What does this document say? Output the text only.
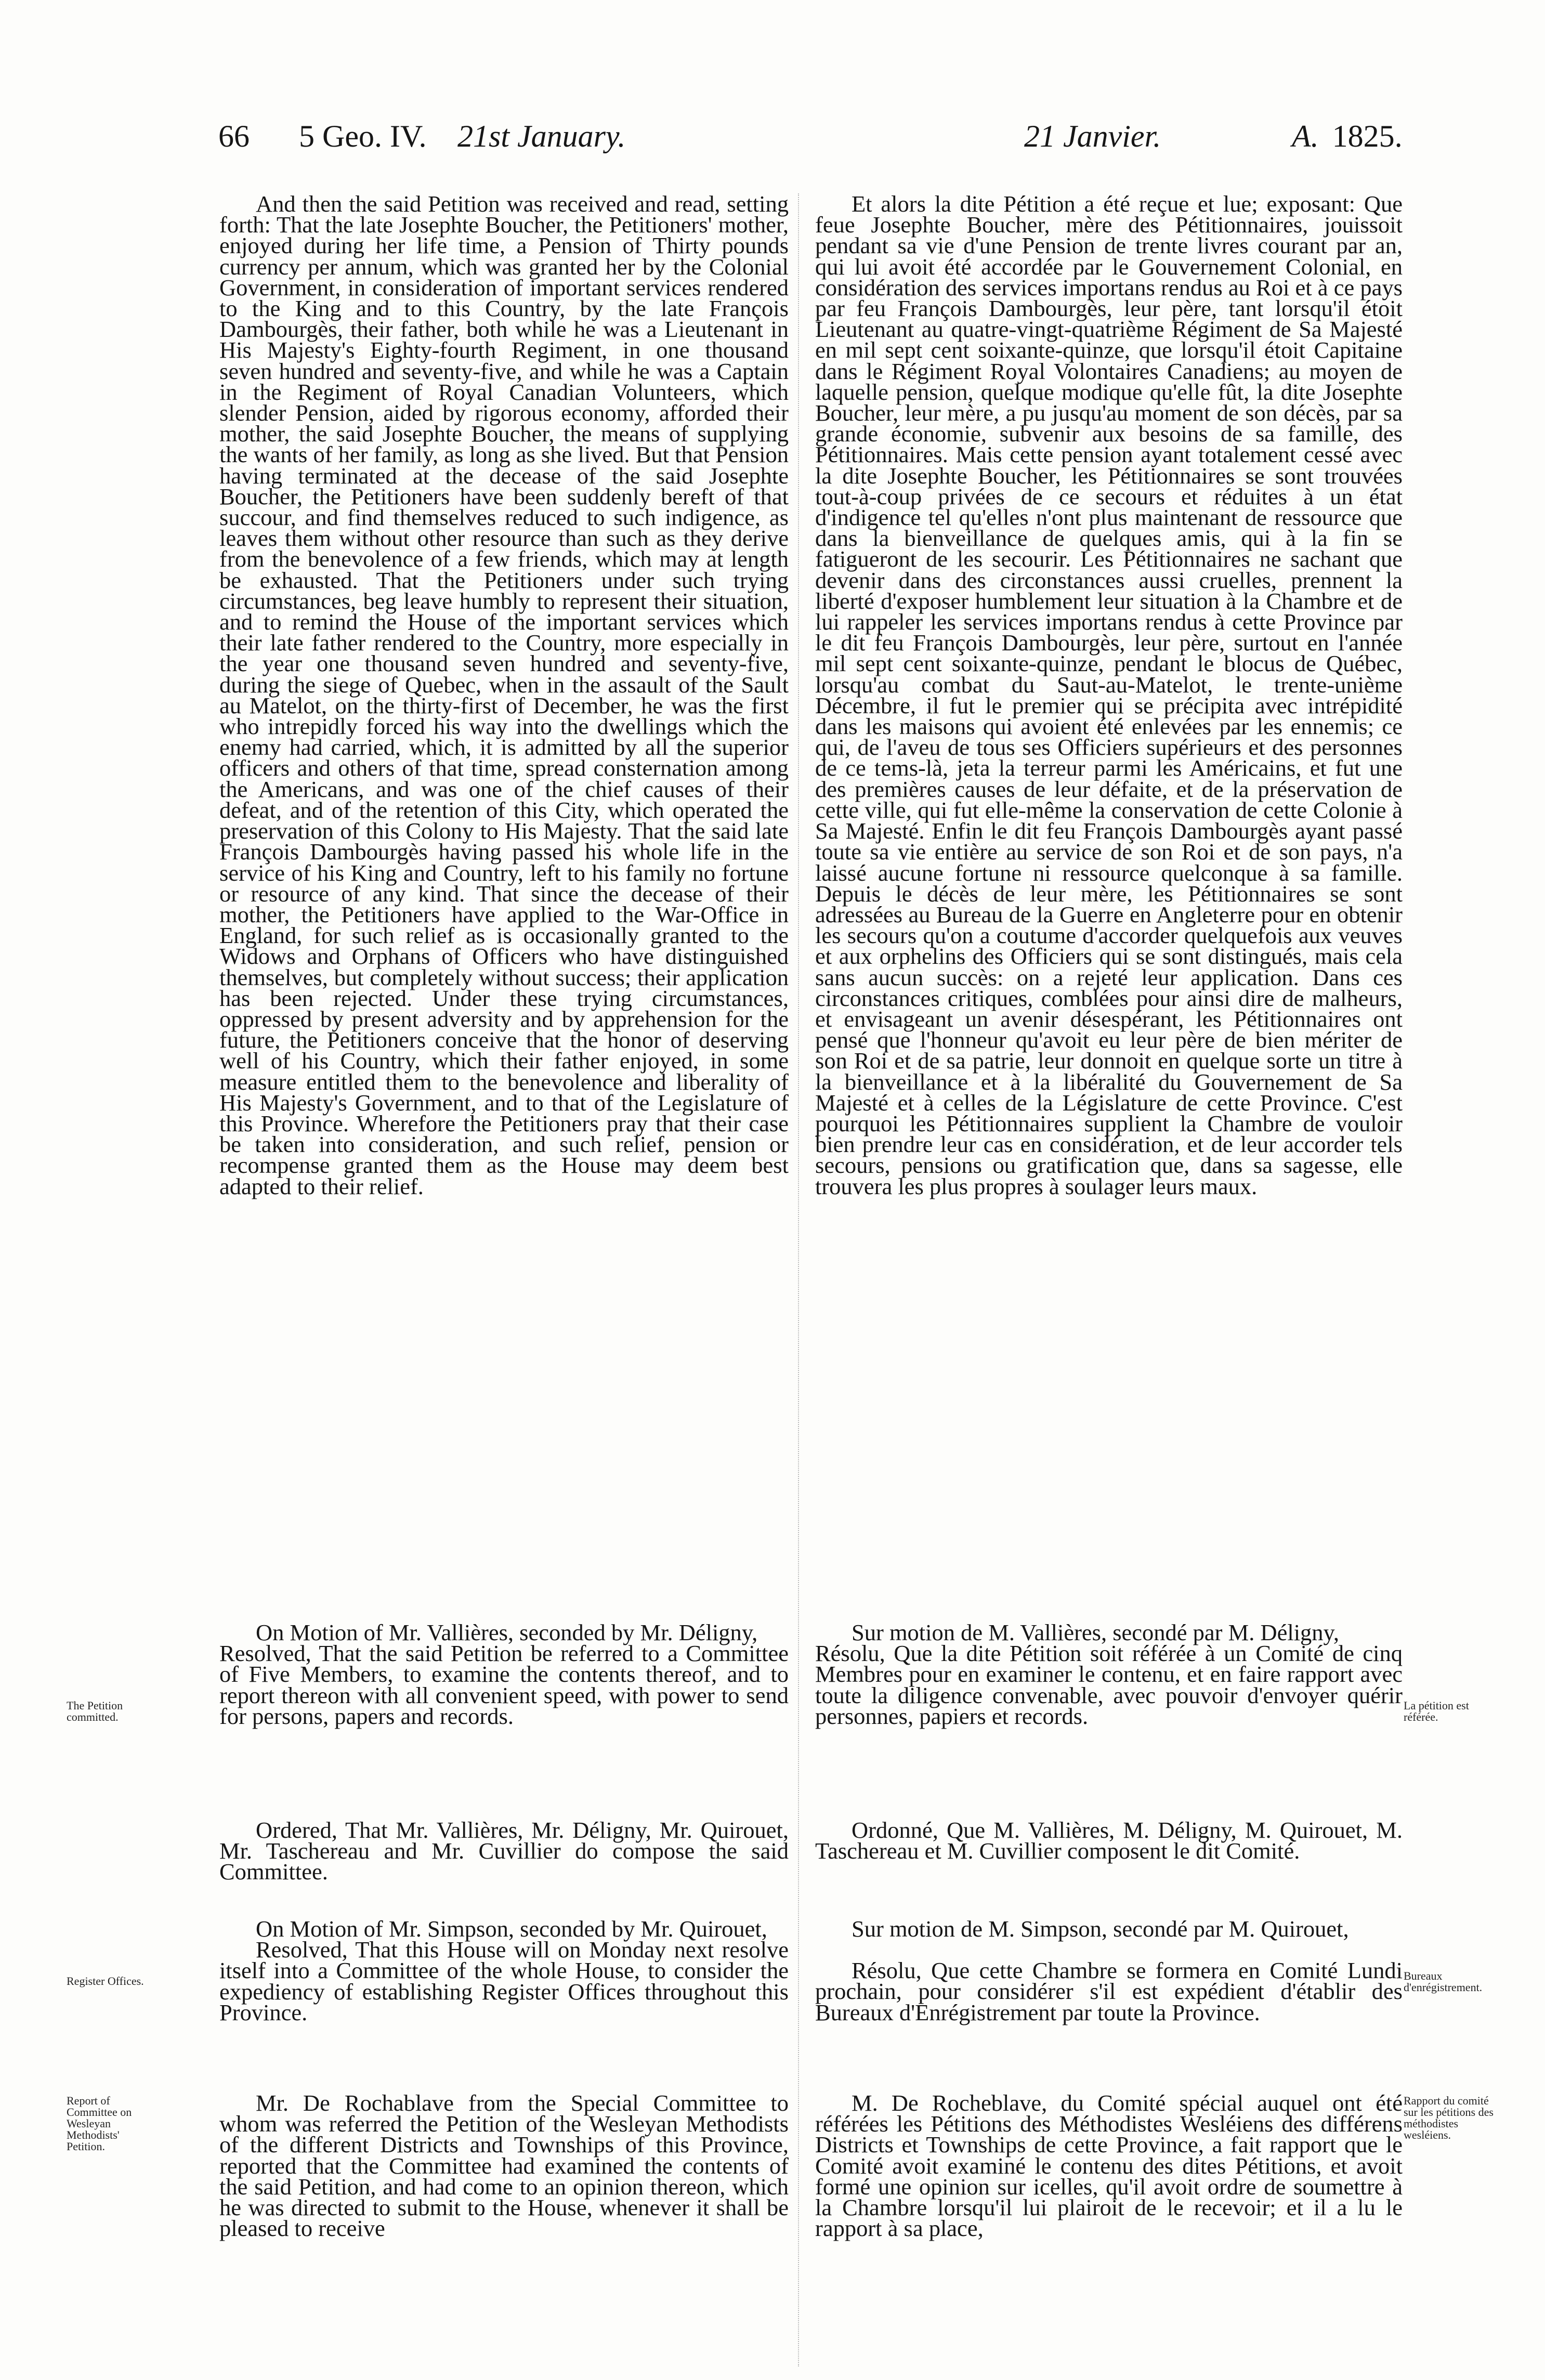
66 5 Geo. IV. 21st January.	21 Janvier.	A. 1825.

And then the said Petition was received and read, setting forth: That the late Josephte Boucher, the Petitioners' mother, enjoyed during her life time, a Pension of Thirty pounds currency per annum, which was granted her by the Colonial Government, in consideration of important services rendered to the King and to this Country, by the late François Dambourgès, their father, both while he was a Lieutenant in His Majesty's Eighty-fourth Regiment, in one thousand seven hundred and seventy-five, and while he was a Captain in the Regiment of Royal Canadian Volunteers, which slender Pension, aided by rigorous economy, afforded their mother, the said Josephte Boucher, the means of supplying the wants of her family, as long as she lived. But that Pension having terminated at the decease of the said Josephte Boucher, the Petitioners have been suddenly bereft of that succour, and find themselves reduced to such indigence, as leaves them without other resource than such as they derive from the benevolence of a few friends, which may at length be exhausted. That the Petitioners under such trying circumstances, beg leave humbly to represent their situation, and to remind the House of the important services which their late father rendered to the Country, more especially in the year one thousand seven hundred and seventy-five, during the siege of Quebec, when in the assault of the Sault au Matelot, on the thirty-first of December, he was the first who intrepidly forced his way into the dwellings which the enemy had carried, which, it is admitted by all the superior officers and others of that time, spread consternation among the Americans, and was one of the chief causes of their defeat, and of the retention of this City, which operated the preservation of this Colony to His Majesty. That the said late François Dambourgès having passed his whole life in the service of his King and Country, left to his family no fortune or resource of any kind. That since the decease of their mother, the Petitioners have applied to the War-Office in England, for such relief as is occasionally granted to the Widows and Orphans of Officers who have distinguished themselves, but completely without success; their application has been rejected. Under these trying circumstances, oppressed by present adversity and by apprehension for the future, the Petitioners conceive that the honor of deserving well of his Country, which their father enjoyed, in some measure entitled them to the benevolence and liberality of His Majesty's Government, and to that of the Legislature of this Province. Wherefore the Petitioners pray that their case be taken into consideration, and such relief, pension or recompense granted them as the House may deem best adapted to their relief.

Et alors la dite Pétition a été reçue et lue; exposant: Que feue Josephte Boucher, mère des Pétitionnaires, jouissoit pendant sa vie d'une Pension de trente livres courant par an, qui lui avoit été accordée par le Gouvernement Colonial, en considération des services importans rendus au Roi et à ce pays par feu François Dambourgès, leur père, tant lorsqu'il étoit Lieutenant au quatre-vingt-quatrième Régiment de Sa Majesté en mil sept cent soixante-quinze, que lorsqu'il étoit Capitaine dans le Régiment Royal Volontaires Canadiens; au moyen de laquelle pension, quelque modique qu'elle fût, la dite Josephte Boucher, leur mère, a pu jusqu'au moment de son décès, par sa grande économie, subvenir aux besoins de sa famille, des Pétitionnaires. Mais cette pension ayant totalement cessé avec la dite Josephte Boucher, les Pétitionnaires se sont trouvées tout-à-coup privées de ce secours et réduites à un état d'indigence tel qu'elles n'ont plus maintenant de ressource que dans la bienveillance de quelques amis, qui à la fin se fatigueront de les secourir. Les Pétitionnaires ne sachant que devenir dans des circonstances aussi cruelles, prennent la liberté d'exposer humblement leur situation à la Chambre et de lui rappeler les services importans rendus à cette Province par le dit feu François Dambourgès, leur père, surtout en l'année mil sept cent soixante-quinze, pendant le blocus de Québec, lorsqu'au combat du Saut-au-Matelot, le trente-unième Décembre, il fut le premier qui se précipita avec intrépidité dans les maisons qui avoient été enlevées par les ennemis; ce qui, de l'aveu de tous ses Officiers supérieurs et des personnes de ce tems-là, jeta la terreur parmi les Américains, et fut une des premières causes de leur défaite, et de la préservation de cette ville, qui fut elle-même la conservation de cette Colonie à Sa Majesté. Enfin le dit feu François Dambourgès ayant passé toute sa vie entière au service de son Roi et de son pays, n'a laissé aucune fortune ni ressource quelconque à sa famille. Depuis le décès de leur mère, les Pétitionnaires se sont adressées au Bureau de la Guerre en Angleterre pour en obtenir les secours qu'on a coutume d'accorder quelquefois aux veuves et aux orphelins des Officiers qui se sont distingués, mais cela sans aucun succès: on a rejeté leur application. Dans ces circonstances critiques, comblées pour ainsi dire de malheurs, et envisageant un avenir désespérant, les Pétitionnaires ont pensé que l'honneur qu'avoit eu leur père de bien mériter de son Roi et de sa patrie, leur donnoit en quelque sorte un titre à la bienveillance et à la libéralité du Gouvernement de Sa Majesté et à celles de la Législature de cette Province. C'est pourquoi les Pétitionnaires supplient la Chambre de vouloir bien prendre leur cas en considération, et de leur accorder tels secours, pensions ou gratification que, dans sa sagesse, elle trouvera les plus propres à soulager leurs maux.

On Motion of Mr. Vallières, seconded by Mr. Déligny,

Resolved, That the said Petition be referred to a Committee of Five Members, to examine the contents thereof, and to report thereon with all convenient speed, with power to send for persons, papers and records.

Sur motion de M. Vallières, secondé par M. Déligny,

Résolu, Que la dite Pétition soit référée à un Comité de cinq Membres pour en examiner le contenu, et en faire rapport avec toute la diligence convenable, avec pouvoir d'envoyer quérir personnes, papiers et records.

The Petition committed.
La pétition est référée.

Ordered, That Mr. Vallières, Mr. Déligny, Mr. Quirouet, Mr. Taschereau and Mr. Cuvillier do compose the said Committee.

Ordonné, Que M. Vallières, M. Déligny, M. Quirouet, M. Taschereau et M. Cuvillier composent le dit Comité.

On Motion of Mr. Simpson, seconded by Mr. Quirouet,

Resolved, That this House will on Monday next resolve itself into a Committee of the whole House, to consider the expediency of establishing Register Offices throughout this Province.

Sur motion de M. Simpson, secondé par M. Quirouet,

Résolu, Que cette Chambre se formera en Comité Lundi prochain, pour considérer s'il est expédient d'établir des Bureaux d'Enrégistrement par toute la Province.

Register Offices.	Bureaux d'enrégistrement.

Mr. De Rochablave from the Special Committee to whom was referred the Petition of the Wesleyan Methodists of the different Districts and Townships of this Province, reported that the Committee had examined the contents of the said Petition, and had come to an opinion thereon, which he was directed to submit to the House, whenever it shall be pleased to receive

M. De Rocheblave, du Comité spécial auquel ont été référées les Pétitions des Méthodistes Wesléiens des différens Districts et Townships de cette Province, a fait rapport que le Comité avoit examiné le contenu des dites Pétitions, et avoit formé une opinion sur icelles, qu'il avoit ordre de soumettre à la Chambre lorsqu'il lui plairoit de le recevoir; et il a lu le rapport à sa place,

Report of Committee on Wesleyan Methodists' Petition.
Rapport du comité sur les pétitions des méthodistes wesléiens.
